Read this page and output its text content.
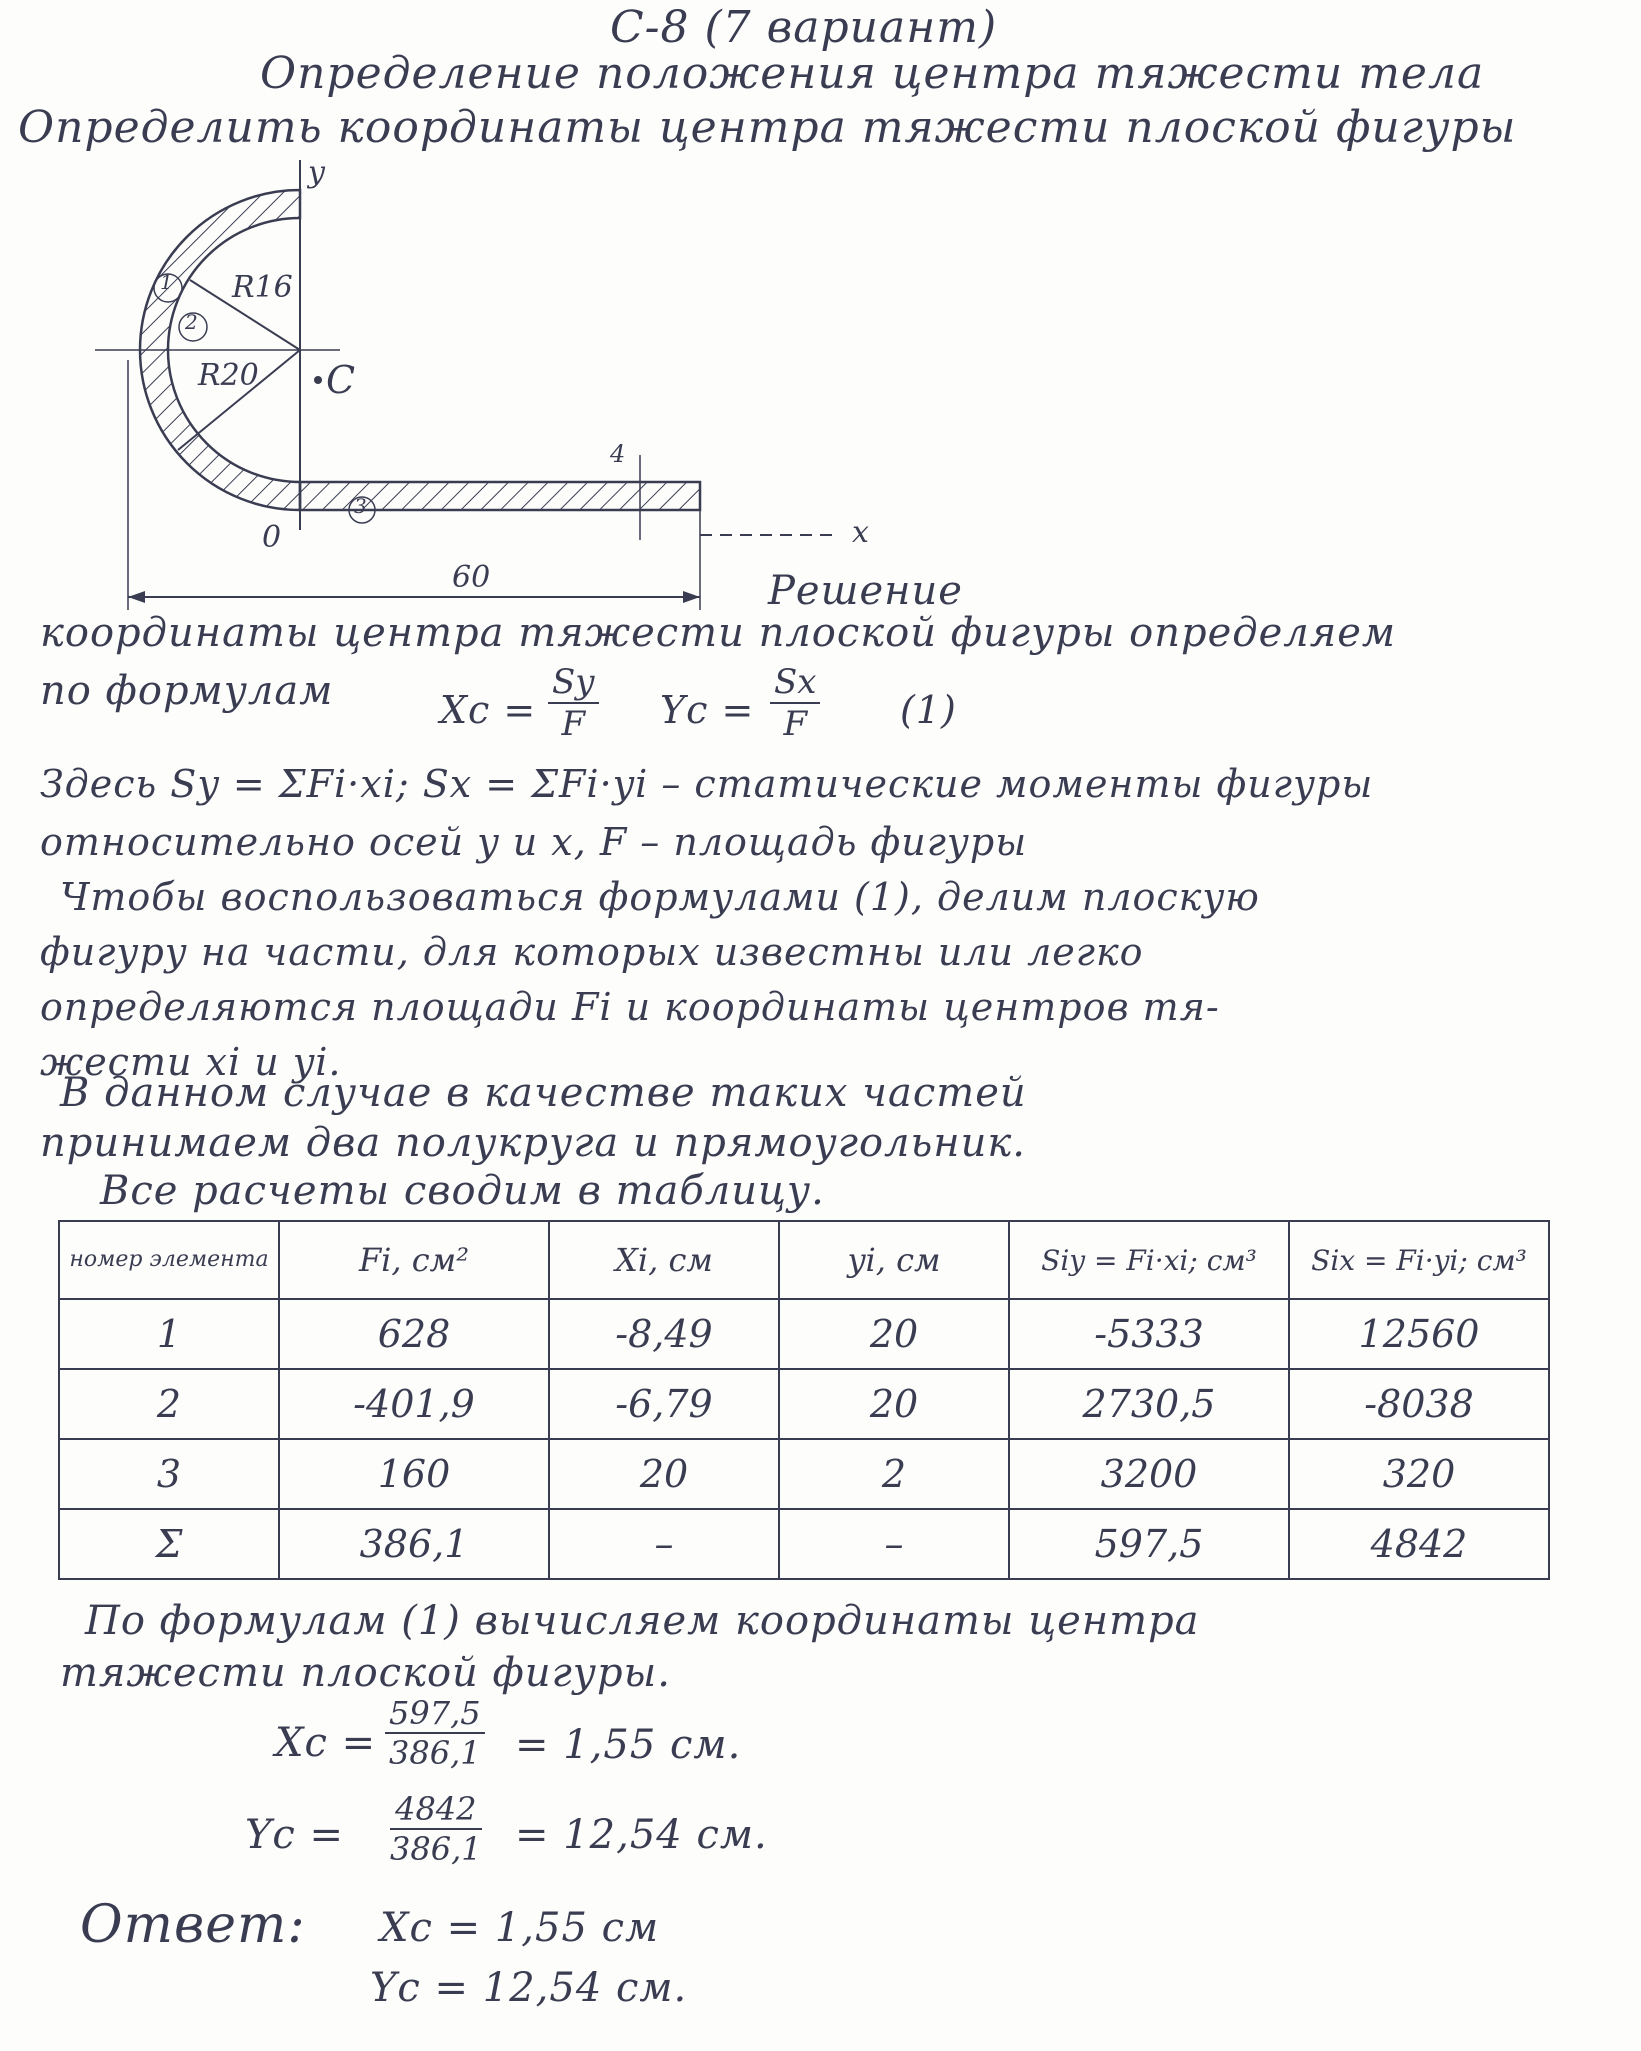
С-8 (7 вариант)
Определение положения центра тяжести тела
Определить координаты центра тяжести плоской фигуры
y
x
0
C
R16
R20
1
2
3
4
60	Решение
координаты центра тяжести плоской фигуры определяем
по формулам	$Xc = \frac{Sy}{F}$ $Yc = \frac{Sx}{F} (1)$
Здесь Sy = ΣFi·xi; Sx = ΣFi·yi – статические моменты фигуры
относительно осей y и x, F – площадь фигуры
Чтобы воспользоваться формулами (1), делим плоскую
фигуру на части, для которых известны или легко
определяются площади Fi и координаты центров тя-
жести xi и yi.
В данном случае в качестве таких частей
принимаем два полукруга и прямоугольник.
Все расчеты сводим в таблицу.
номер элемента	Fi, см²	Xi, см	yi, см	Siy = Fi·xi; см³	Six = Fi·yi; см³
1	628	-8,49	20	-5333	12560
2	-401,9	-6,79	20	2730,5	-8038
3	160	20	2	3200	320
Σ	386,1	–	–	597,5	4842
По формулам (1) вычисляем координаты центра
тяжести плоской фигуры.
$Xc = \frac{597,5}{386,1} = 1,55$ см.
$Yc = \frac{4842}{386,1} = 12,54$ см.
Ответ: Xc = 1,55 см
Yc = 12,54 см.
